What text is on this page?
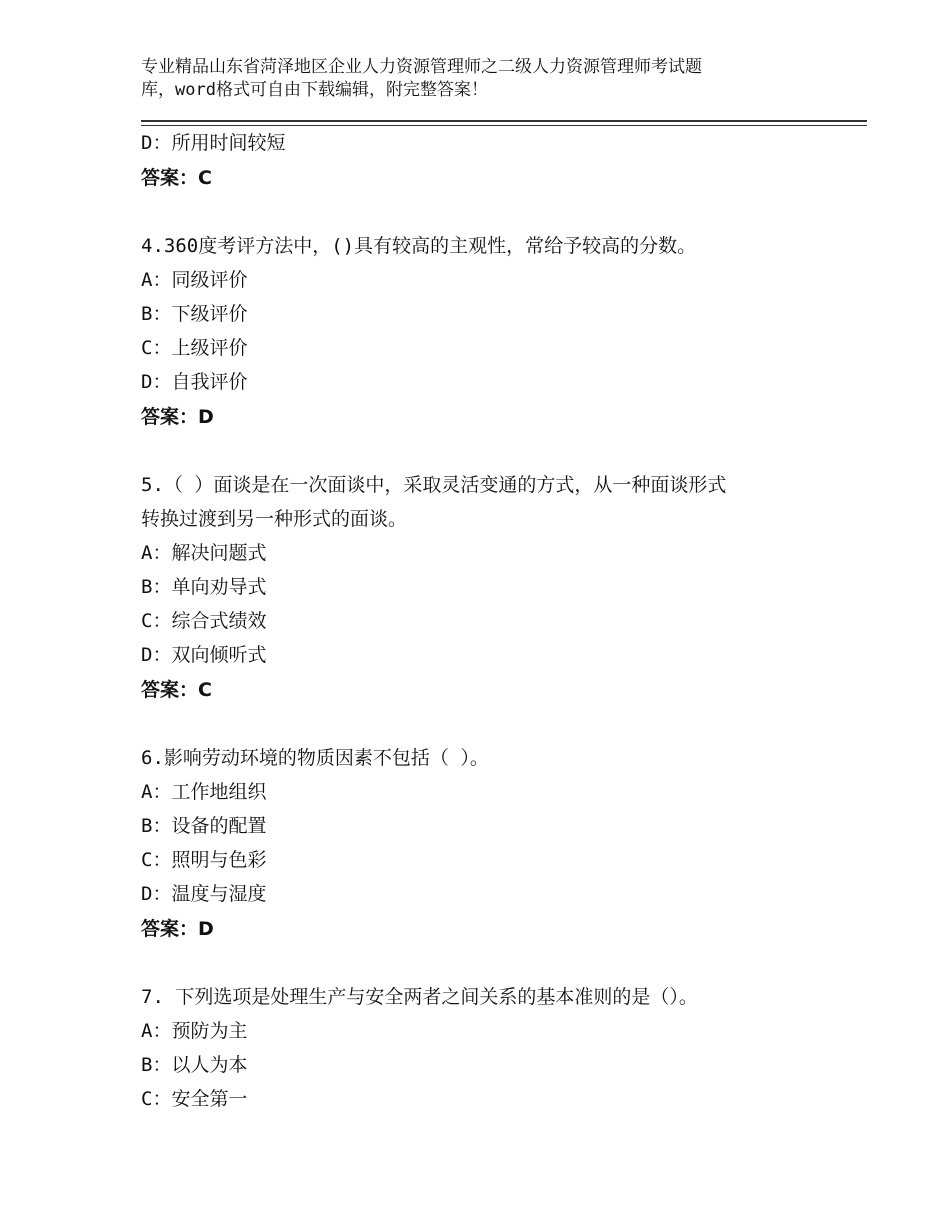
专业精品山东省菏泽地区企业人力资源管理师之二级人力资源管理师考试题
库，word格式可自由下载编辑，附完整答案！
D：所用时间较短
答案：C
4.360度考评方法中，()具有较高的主观性，常给予较高的分数。
A：同级评价
B：下级评价
C：上级评价
D：自我评价
答案：D
5.（ ）面谈是在一次面谈中，采取灵活变通的方式，从一种面谈形式
转换过渡到另一种形式的面谈。
A：解决问题式
B：单向劝导式
C：综合式绩效
D：双向倾听式
答案：C
6.影响劳动环境的物质因素不包括（ ）。
A：工作地组织
B：设备的配置
C：照明与色彩
D：温度与湿度
答案：D
7. 下列选项是处理生产与安全两者之间关系的基本准则的是（）。
A：预防为主
B：以人为本
C：安全第一
